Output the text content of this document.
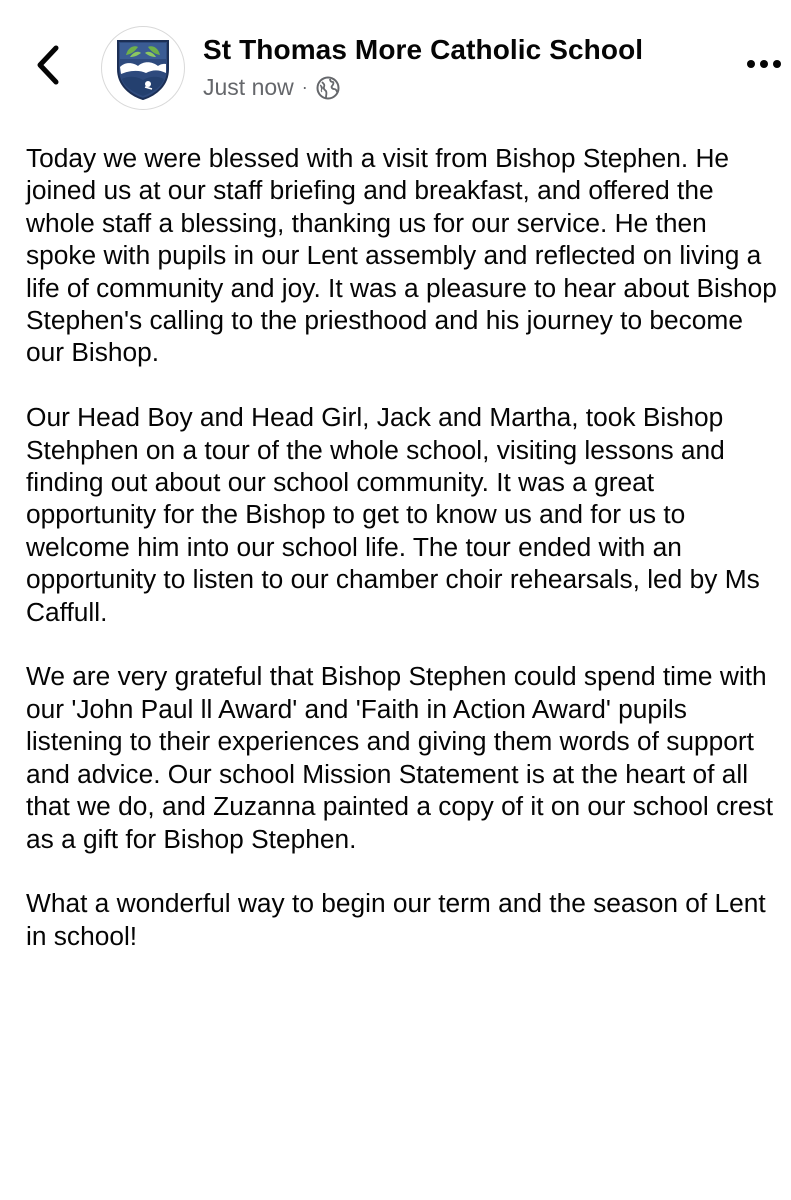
St Thomas More Catholic School
Just now ·

Today we were blessed with a visit from Bishop Stephen. He joined us at our staff briefing and breakfast, and offered the whole staff a blessing, thanking us for our service. He then spoke with pupils in our Lent assembly and reflected on living a life of community and joy. It was a pleasure to hear about Bishop Stephen's calling to the priesthood and his journey to become our Bishop.

Our Head Boy and Head Girl, Jack and Martha, took Bishop Stehphen on a tour of the whole school, visiting lessons and finding out about our school community. It was a great opportunity for the Bishop to get to know us and for us to welcome him into our school life. The tour ended with an opportunity to listen to our chamber choir rehearsals, led by Ms Caffull.

We are very grateful that Bishop Stephen could spend time with our 'John Paul ll Award' and 'Faith in Action Award' pupils listening to their experiences and giving them words of support and advice. Our school Mission Statement is at the heart of all that we do, and Zuzanna painted a copy of it on our school crest as a gift for Bishop Stephen.

What a wonderful way to begin our term and the season of Lent in school!
